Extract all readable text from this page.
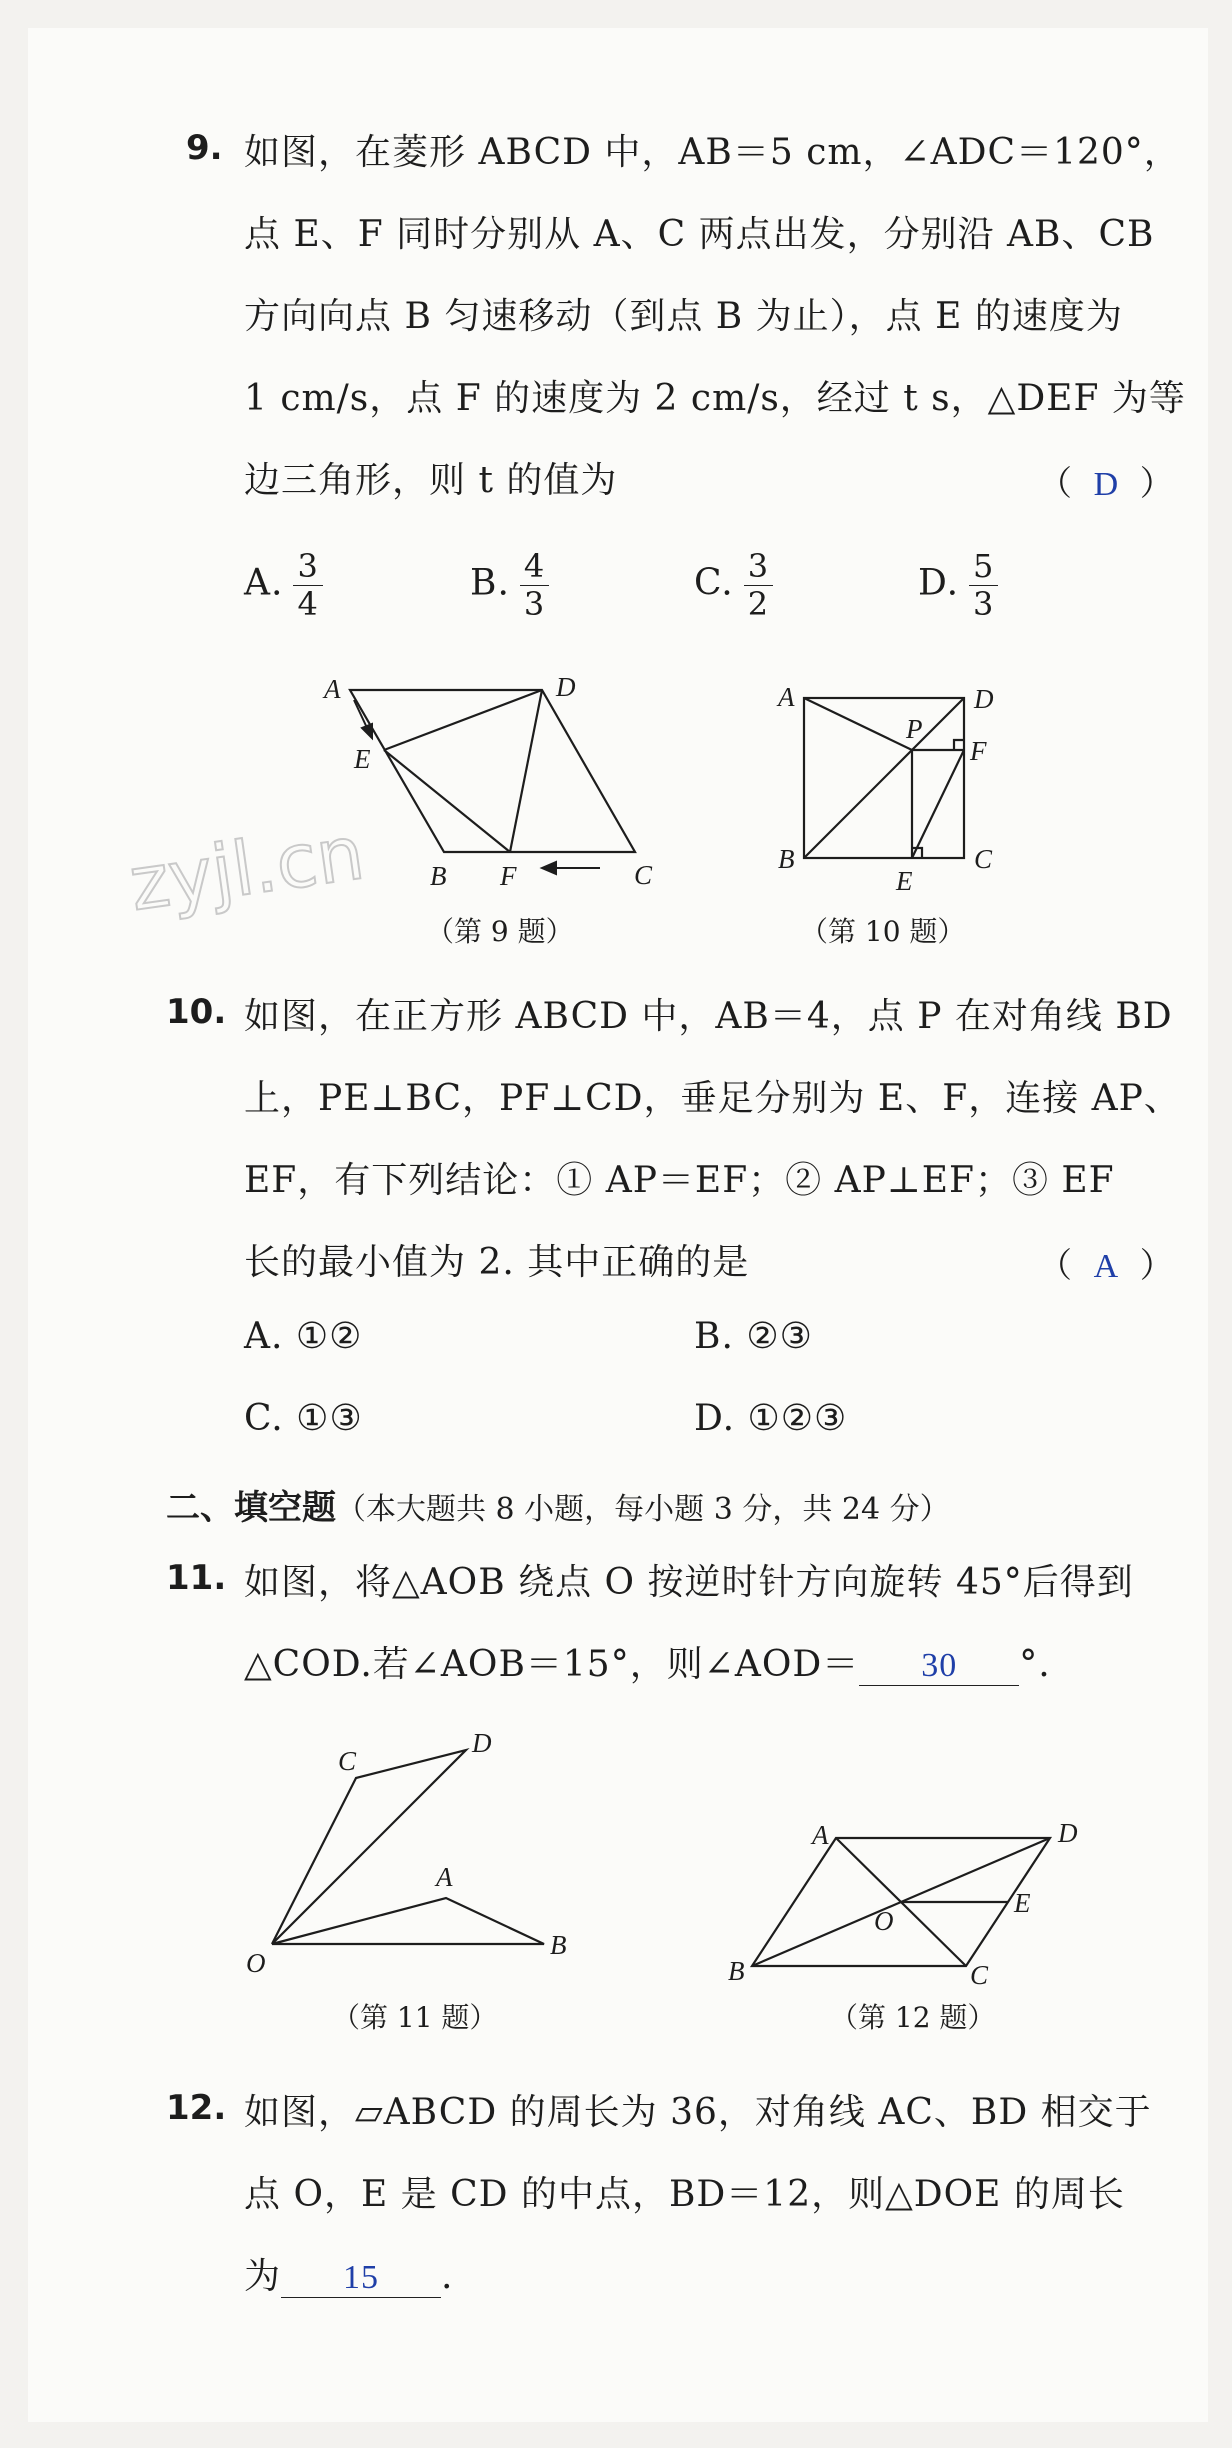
9. 如图，在菱形 ABCD 中，AB＝5 cm，∠ADC＝120°，
点 E、F 同时分别从 A、C 两点出发，分别沿 AB、CB
方向向点 B 匀速移动（到点 B 为止），点 E 的速度为
1 cm/s，点 F 的速度为 2 cm/s，经过 t s，△DEF 为等
边三角形，则 t 的值为	（  D  ）
A. $\frac{3}{4}$	B. $\frac{4}{3}$	C. $\frac{3}{2}$	D. $\frac{5}{3}$
A	D
E
B F	C
zyjl.cn
A	D
P
F
B	C
E
（第 9 题）	（第 10 题）
10. 如图，在正方形 ABCD 中，AB＝4，点 P 在对角线 BD
上，PE⊥BC，PF⊥CD，垂足分别为 E、F，连接 AP、
EF，有下列结论：① AP＝EF；② AP⊥EF；③ EF
长的最小值为 2. 其中正确的是	（  A  ）
A. ①②	B. ②③
C. ①③	D. ①②③
二、填空题（本大题共 8 小题，每小题 3 分，共 24 分）
11. 如图，将△AOB 绕点 O 按逆时针方向旋转 45°后得到
△COD.若∠AOB＝15°，则∠AOD＝ 30 °.
C
D
A
B
O
A	D
E
O
B	C
（第 11 题）	（第 12 题）
12. 如图，▱ABCD 的周长为 36，对角线 AC、BD 相交于
点 O，E 是 CD 的中点，BD＝12，则△DOE 的周长
为 15 .
